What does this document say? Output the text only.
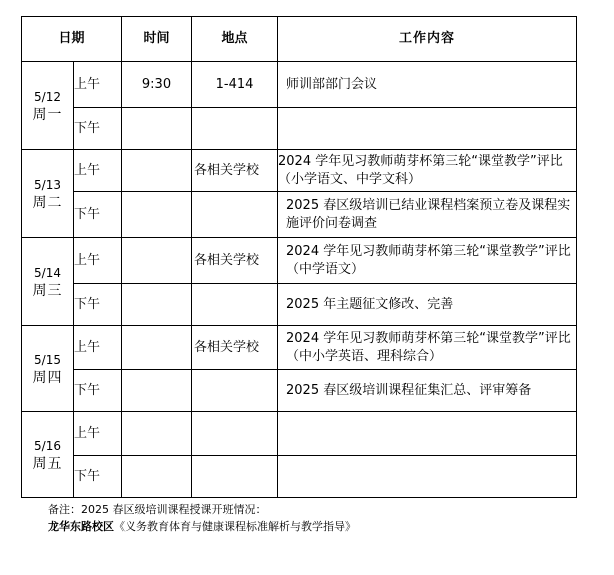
日期		时间	地点	工作内容

5/12
周一	上午	9:30	1-414	师训部部门会议
	下午			

5/13
周二	上午		各相关学校	2024 学年见习教师萌芽杯第三轮“课堂教学”评比（小学语文、中学文科）
	下午			2025 春区级培训已结业课程档案预立卷及课程实施评价问卷调查

5/14
周三	上午		各相关学校	2024 学年见习教师萌芽杯第三轮“课堂教学”评比（中学语文）
	下午			2025 年主题征文修改、完善

5/15
周四	上午		各相关学校	2024 学年见习教师萌芽杯第三轮“课堂教学”评比（中小学英语、理科综合）
	下午			2025 春区级培训课程征集汇总、评审筹备

5/16
周五	上午			
	下午			
备注：2025 春区级培训课程授课开班情况：
龙华东路校区《义务教育体育与健康课程标准解析与教学指导》
